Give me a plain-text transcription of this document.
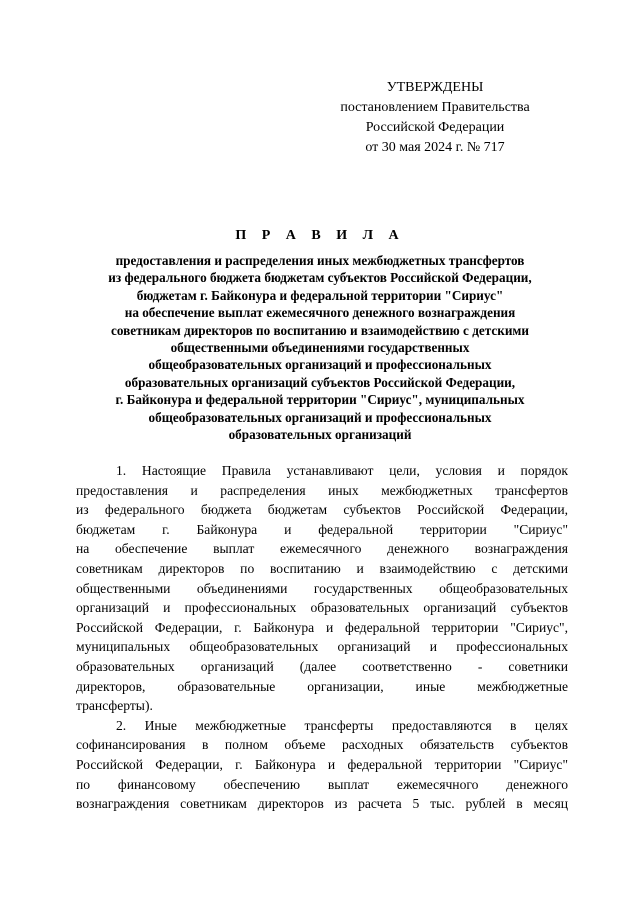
УТВЕРЖДЕНЫ
постановлением Правительства
Российской Федерации
от 30 мая 2024 г. № 717
П Р А В И Л А
предоставления и распределения иных межбюджетных трансфертов
из федерального бюджета бюджетам субъектов Российской Федерации,
бюджетам г. Байконура и федеральной территории "Сириус"
на обеспечение выплат ежемесячного денежного вознаграждения
советникам директоров по воспитанию и взаимодействию с детскими
общественными объединениями государственных
общеобразовательных организаций и профессиональных
образовательных организаций субъектов Российской Федерации,
г. Байконура и федеральной территории "Сириус", муниципальных
общеобразовательных организаций и профессиональных
образовательных организаций
1. Настоящие Правила устанавливают цели, условия и порядок
предоставления и распределения иных межбюджетных трансфертов
из федерального бюджета бюджетам субъектов Российской Федерации,
бюджетам г. Байконура и федеральной территории "Сириус"
на обеспечение выплат ежемесячного денежного вознаграждения
советникам директоров по воспитанию и взаимодействию с детскими
общественными объединениями государственных общеобразовательных
организаций и профессиональных образовательных организаций субъектов
Российской Федерации, г. Байконура и федеральной территории "Сириус",
муниципальных общеобразовательных организаций и профессиональных
образовательных организаций (далее соответственно - советники
директоров, образовательные организации, иные межбюджетные
трансферты).
2. Иные межбюджетные трансферты предоставляются в целях
софинансирования в полном объеме расходных обязательств субъектов
Российской Федерации, г. Байконура и федеральной территории "Сириус"
по финансовому обеспечению выплат ежемесячного денежного
вознаграждения советникам директоров из расчета 5 тыс. рублей в месяц
